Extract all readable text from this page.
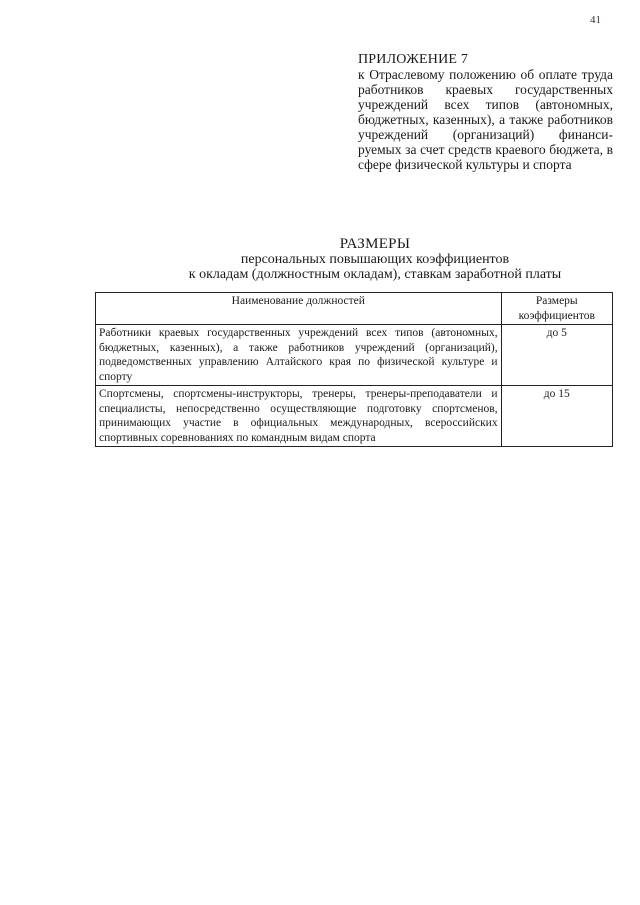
41
ПРИЛОЖЕНИЕ 7
к Отраслевому положению об оплате труда работников краевых государственных учреждений всех типов (автономных, бюджетных, казенных), а также работников учреждений (организаций) финанси-руемых за счет средств краевого бюджета, в сфере физической культуры и спорта
РАЗМЕРЫ
персональных повышающих коэффициентов
к окладам (должностным окладам), ставкам заработной платы
Наименование должностей	Размеры коэффициентов
Работники краевых государственных учреждений всех типов (автономных, бюджетных, казенных), а также работников учреждений (организаций), подведомственных управлению Алтайского края по физической культуре и спорту	до 5
Спортсмены, спортсмены-инструкторы, тренеры, тренеры-преподаватели и специалисты, непосредственно осуществляющие подготовку спортсменов, принимающих участие в официальных международных, всероссийских спортивных соревнованиях по командным видам спорта	до 15
